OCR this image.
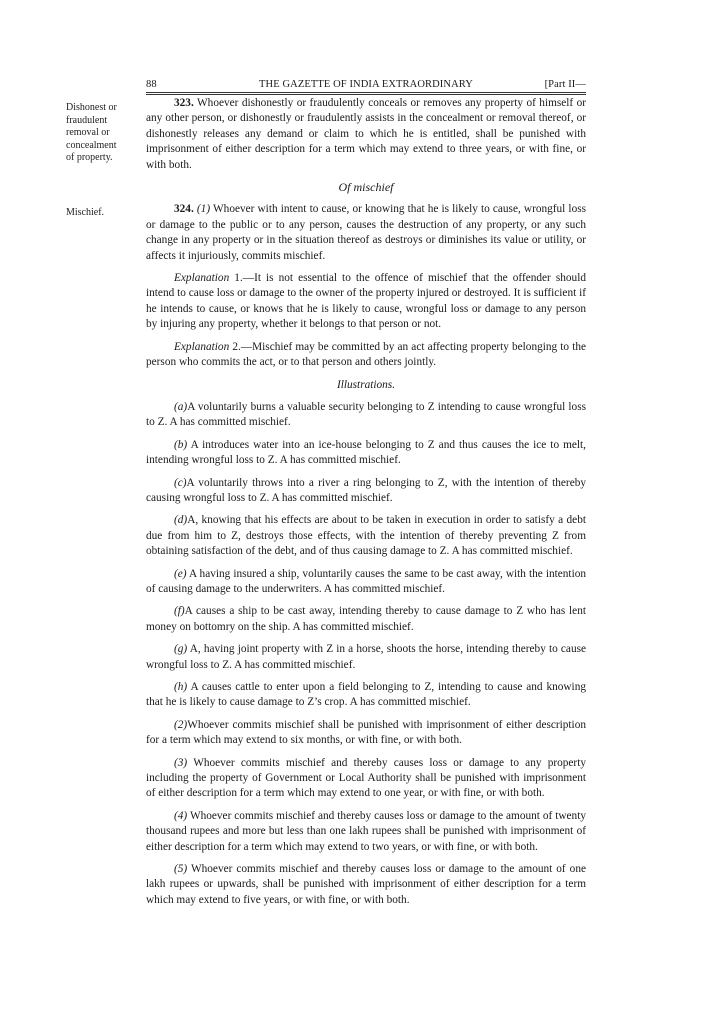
88	THE GAZETTE OF INDIA EXTRAORDINARY	[Part II—
Dishonest or
fraudulent
removal or
concealment
of property.
Mischief.

323. Whoever dishonestly or fraudulently conceals or removes any property of himself or any other person, or dishonestly or fraudulently assists in the concealment or removal thereof, or dishonestly releases any demand or claim to which he is entitled, shall be punished with imprisonment of either description for a term which may extend to three years, or with fine, or with both.

Of mischief

324. (1) Whoever with intent to cause, or knowing that he is likely to cause, wrongful loss or damage to the public or to any person, causes the destruction of any property, or any such change in any property or in the situation thereof as destroys or diminishes its value or utility, or affects it injuriously, commits mischief.

Explanation 1.—It is not essential to the offence of mischief that the offender should intend to cause loss or damage to the owner of the property injured or destroyed. It is sufficient if he intends to cause, or knows that he is likely to cause, wrongful loss or damage to any person by injuring any property, whether it belongs to that person or not.

Explanation 2.—Mischief may be committed by an act affecting property belonging to the person who commits the act, or to that person and others jointly.

Illustrations.

(a)A voluntarily burns a valuable security belonging to Z intending to cause wrongful loss to Z. A has committed mischief.

(b) A introduces water into an ice-house belonging to Z and thus causes the ice to melt, intending wrongful loss to Z. A has committed mischief.

(c)A voluntarily throws into a river a ring belonging to Z, with the intention of thereby causing wrongful loss to Z. A has committed mischief.

(d)A, knowing that his effects are about to be taken in execution in order to satisfy a debt due from him to Z, destroys those effects, with the intention of thereby preventing Z from obtaining satisfaction of the debt, and of thus causing damage to Z. A has committed mischief.

(e) A having insured a ship, voluntarily causes the same to be cast away, with the intention of causing damage to the underwriters. A has committed mischief.

(f)A causes a ship to be cast away, intending thereby to cause damage to Z who has lent money on bottomry on the ship. A has committed mischief.

(g) A, having joint property with Z in a horse, shoots the horse, intending thereby to cause wrongful loss to Z. A has committed mischief.

(h) A causes cattle to enter upon a field belonging to Z, intending to cause and knowing that he is likely to cause damage to Z’s crop. A has committed mischief.

(2)Whoever commits mischief shall be punished with imprisonment of either description for a term which may extend to six months, or with fine, or with both.

(3) Whoever commits mischief and thereby causes loss or damage to any property including the property of Government or Local Authority shall be punished with imprisonment of either description for a term which may extend to one year, or with fine, or with both.

(4) Whoever commits mischief and thereby causes loss or damage to the amount of twenty thousand rupees and more but less than one lakh rupees shall be punished with imprisonment of either description for a term which may extend to two years, or with fine, or with both.

(5) Whoever commits mischief and thereby causes loss or damage to the amount of one lakh rupees or upwards, shall be punished with imprisonment of either description for a term which may extend to five years, or with fine, or with both.
